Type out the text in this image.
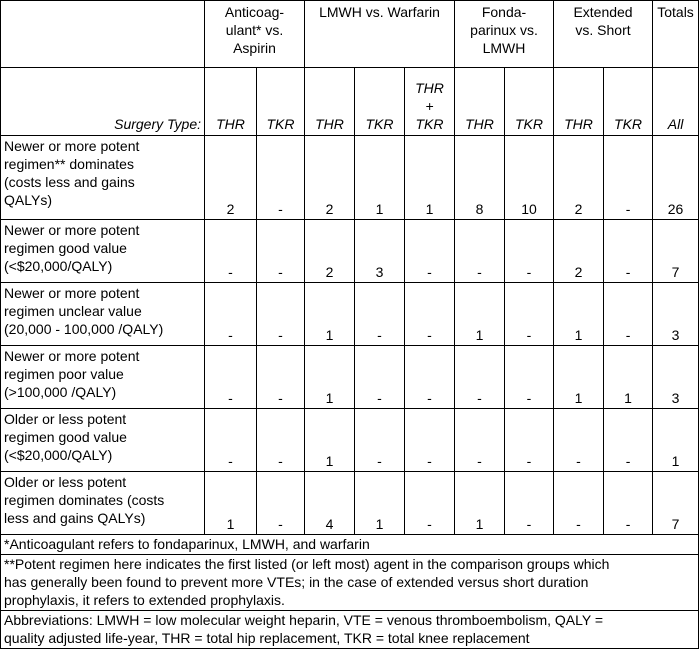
	Anticoag-
ulant* vs.
Aspirin		LMWH vs. Warfarin			Fonda-
parinux vs.
LMWH		Extended
vs. Short		Totals
Surgery Type:	THR	TKR	THR	TKR	THR
+
TKR	THR	TKR	THR	TKR	All
Newer or more potent
regimen** dominates
(costs less and gains
QALYs)	2	-	2	1	1	8	10	2	-	26
Newer or more potent
regimen good value
(<$20,000/QALY)	-	-	2	3	-	-	-	2	-	7
Newer or more potent
regimen unclear value
(20,000 - 100,000 /QALY)	-	-	1	-	-	1	-	1	-	3
Newer or more potent
regimen poor value
(>100,000 /QALY)	-	-	1	-	-	-	-	1	1	3
Older or less potent
regimen good value
(<$20,000/QALY)	-	-	1	-	-	-	-	-	-	1
Older or less potent
regimen dominates (costs
less and gains QALYs)	1	-	4	1	-	1	-	-	-	7
*Anticoagulant refers to fondaparinux, LMWH, and warfarin										
**Potent regimen here indicates the first listed (or left most) agent in the comparison groups which
has generally been found to prevent more VTEs; in the case of extended versus short duration
prophylaxis, it refers to extended prophylaxis.										
Abbreviations: LMWH = low molecular weight heparin, VTE = venous thromboembolism, QALY =
quality adjusted life-year, THR = total hip replacement, TKR = total knee replacement										
